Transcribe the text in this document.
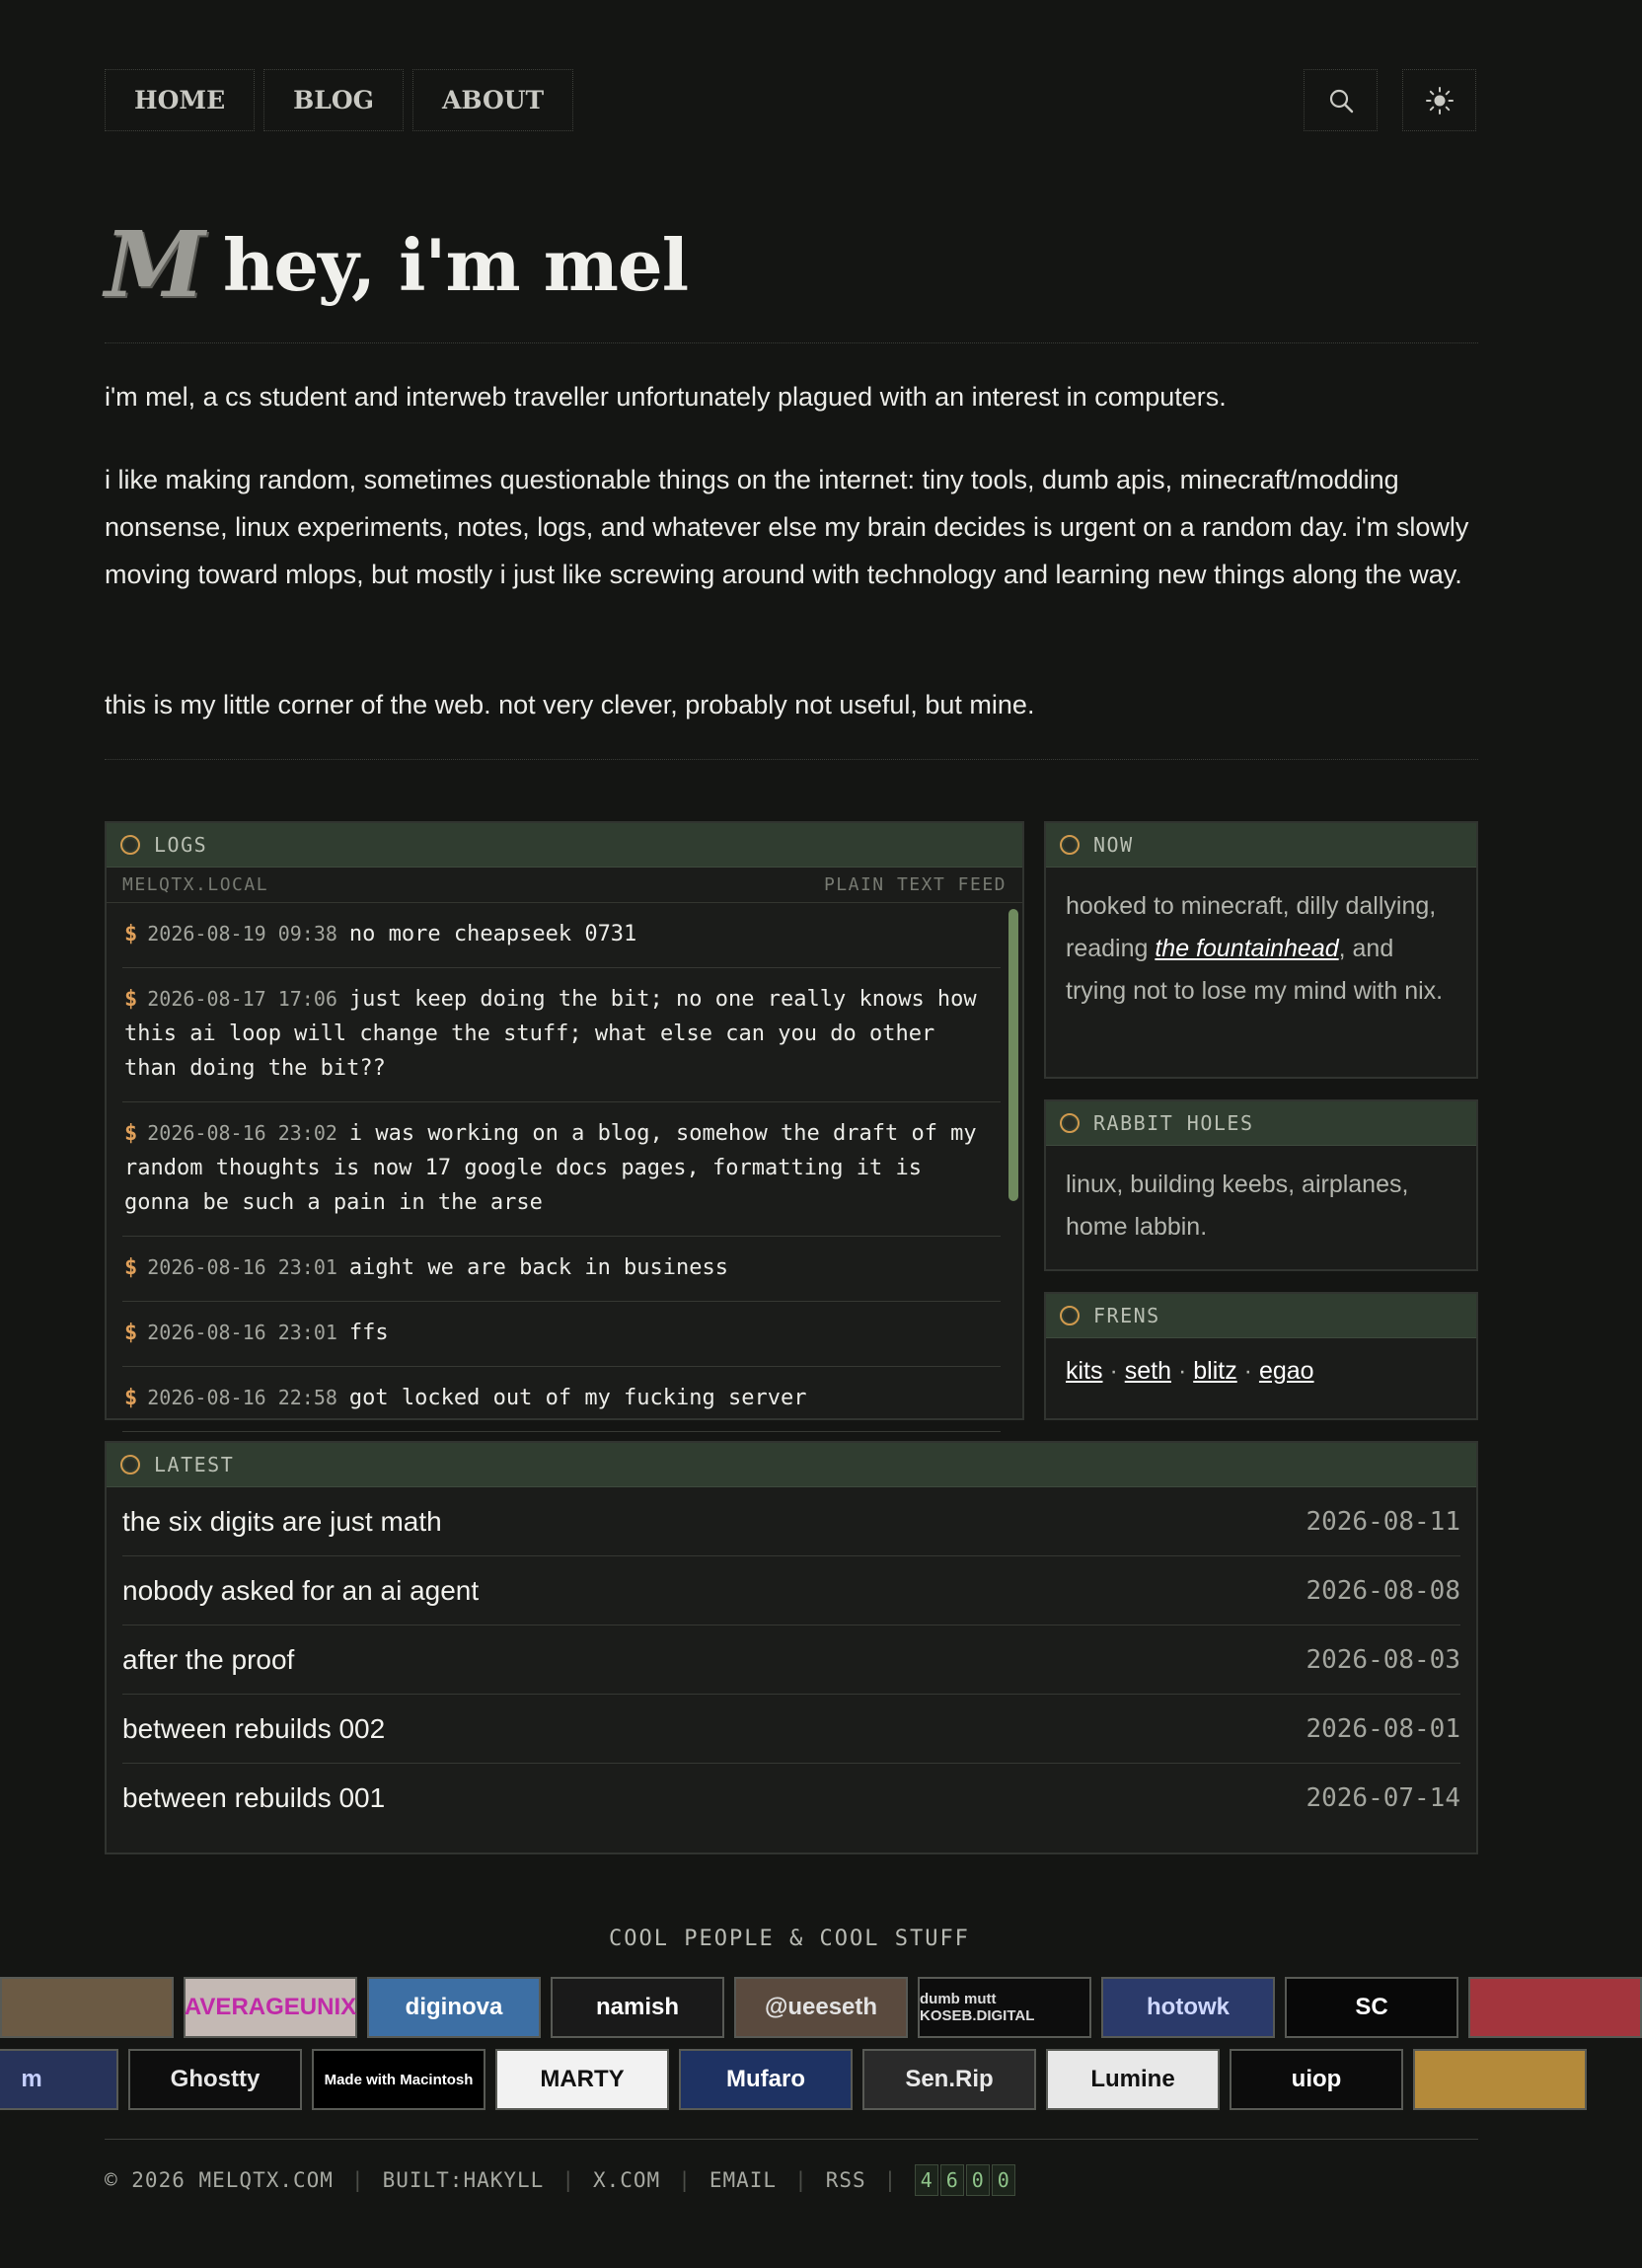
HOME	BLOG	ABOUT
M hey, i'm mel

i'm mel, a cs student and interweb traveller unfortunately plagued with an interest in computers.

i like making random, sometimes questionable things on the internet: tiny tools, dumb apis, minecraft/modding nonsense, linux experiments, notes, logs, and whatever else my brain decides is urgent on a random day. i'm slowly moving toward mlops, but mostly i just like screwing around with technology and learning new things along the way.

this is my little corner of the web. not very clever, probably not useful, but mine.

LOGS
MELQTX.LOCAL	PLAIN TEXT FEED
$ 2026-08-19 09:38 no more cheapseek 0731
$ 2026-08-17 17:06 just keep doing the bit; no one really knows how this ai loop will change the stuff; what else can you do other than doing the bit??
$ 2026-08-16 23:02 i was working on a blog, somehow the draft of my random thoughts is now 17 google docs pages, formatting it is gonna be such a pain in the arse
$ 2026-08-16 23:01 aight we are back in business
$ 2026-08-16 23:01 ffs
$ 2026-08-16 22:58 got locked out of my fucking server
NOW
hooked to minecraft, dilly dallying, reading the fountainhead, and trying not to lose my mind with nix.
RABBIT HOLES
linux, building keebs, airplanes, home labbin.
FRENS
kits · seth · blitz · egao
LATEST
the six digits are just math	2026-08-11
nobody asked for an ai agent	2026-08-08
after the proof	2026-08-03
between rebuilds 002	2026-08-01
between rebuilds 001	2026-07-14
COOL PEOPLE & COOL STUFF
AVERAGEUNIX	diginova	namish	@ueeseth	dumb mutt KOSEB.DIGITAL	hotowk	SC
m	Ghostty	Made with Macintosh	MARTY	Mufaro	Sen.Rip	Lumine	uiop
© 2026 MELQTX.COM | BUILT:HAKYLL | X.COM | EMAIL | RSS | 4 6 0 0
